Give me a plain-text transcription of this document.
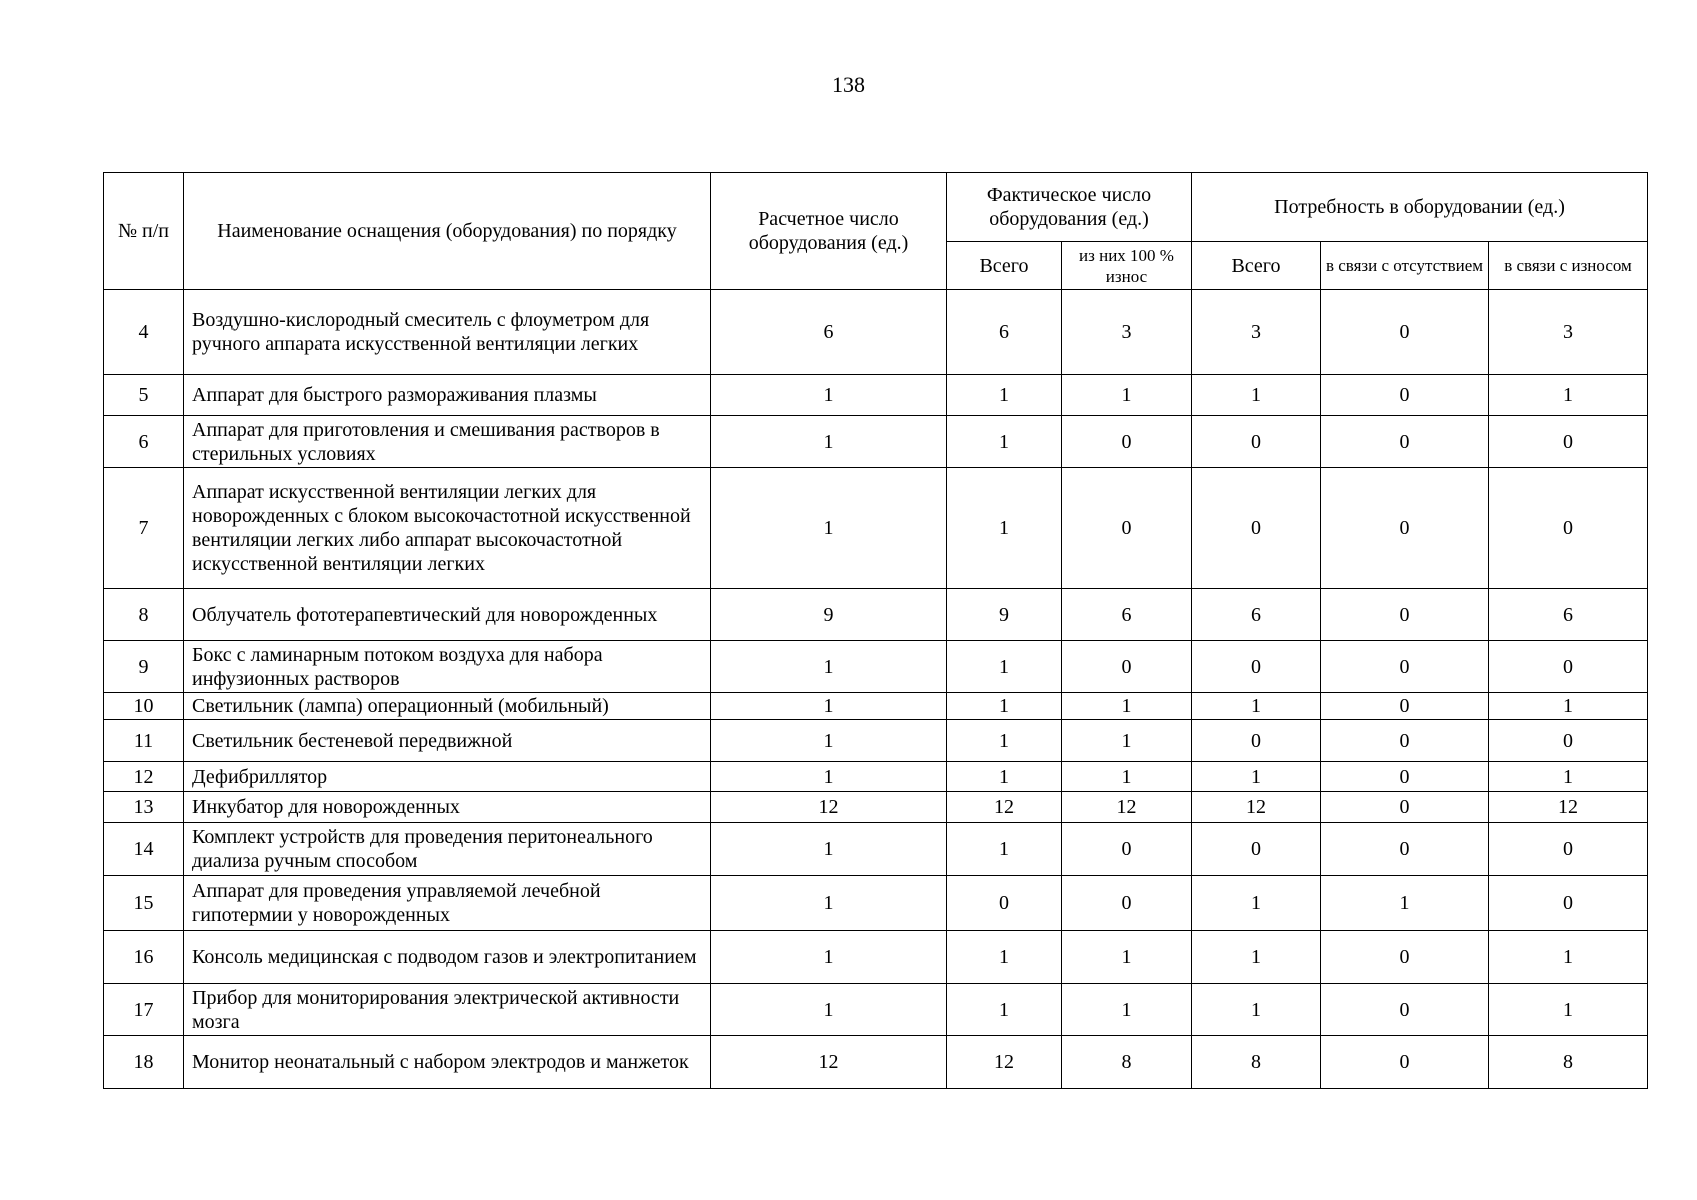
138
№ п/п	Наименование оснащения (оборудования) по порядку	Расчетное число оборудования (ед.)	Фактическое число оборудования (ед.)		Потребность в оборудовании (ед.)		
			Всего	из них 100 % износ	Всего	в связи с отсутствием	в связи с износом
4	Воздушно-кислородный смеситель с флоуметром для ручного аппарата искусственной вентиляции легких	6	6	3	3	0	3
5	Аппарат для быстрого размораживания плазмы	1	1	1	1	0	1
6	Аппарат для приготовления и смешивания растворов в стерильных условиях	1	1	0	0	0	0
7	Аппарат искусственной вентиляции легких для новорожденных с блоком высокочастотной искусственной вентиляции легких либо аппарат высокочастотной искусственной вентиляции легких	1	1	0	0	0	0
8	Облучатель фототерапевтический для новорожденных	9	9	6	6	0	6
9	Бокс с ламинарным потоком воздуха для набора инфузионных растворов	1	1	0	0	0	0
10	Светильник (лампа) операционный (мобильный)	1	1	1	1	0	1
11	Светильник бестеневой передвижной	1	1	1	0	0	0
12	Дефибриллятор	1	1	1	1	0	1
13	Инкубатор для новорожденных	12	12	12	12	0	12
14	Комплект устройств для проведения перитонеального диализа ручным способом	1	1	0	0	0	0
15	Аппарат для проведения управляемой лечебной гипотермии у новорожденных	1	0	0	1	1	0
16	Консоль медицинская с подводом газов и электропитанием	1	1	1	1	0	1
17	Прибор для мониторирования электрической активности мозга	1	1	1	1	0	1
18	Монитор неонатальный с набором электродов и манжеток	12	12	8	8	0	8
